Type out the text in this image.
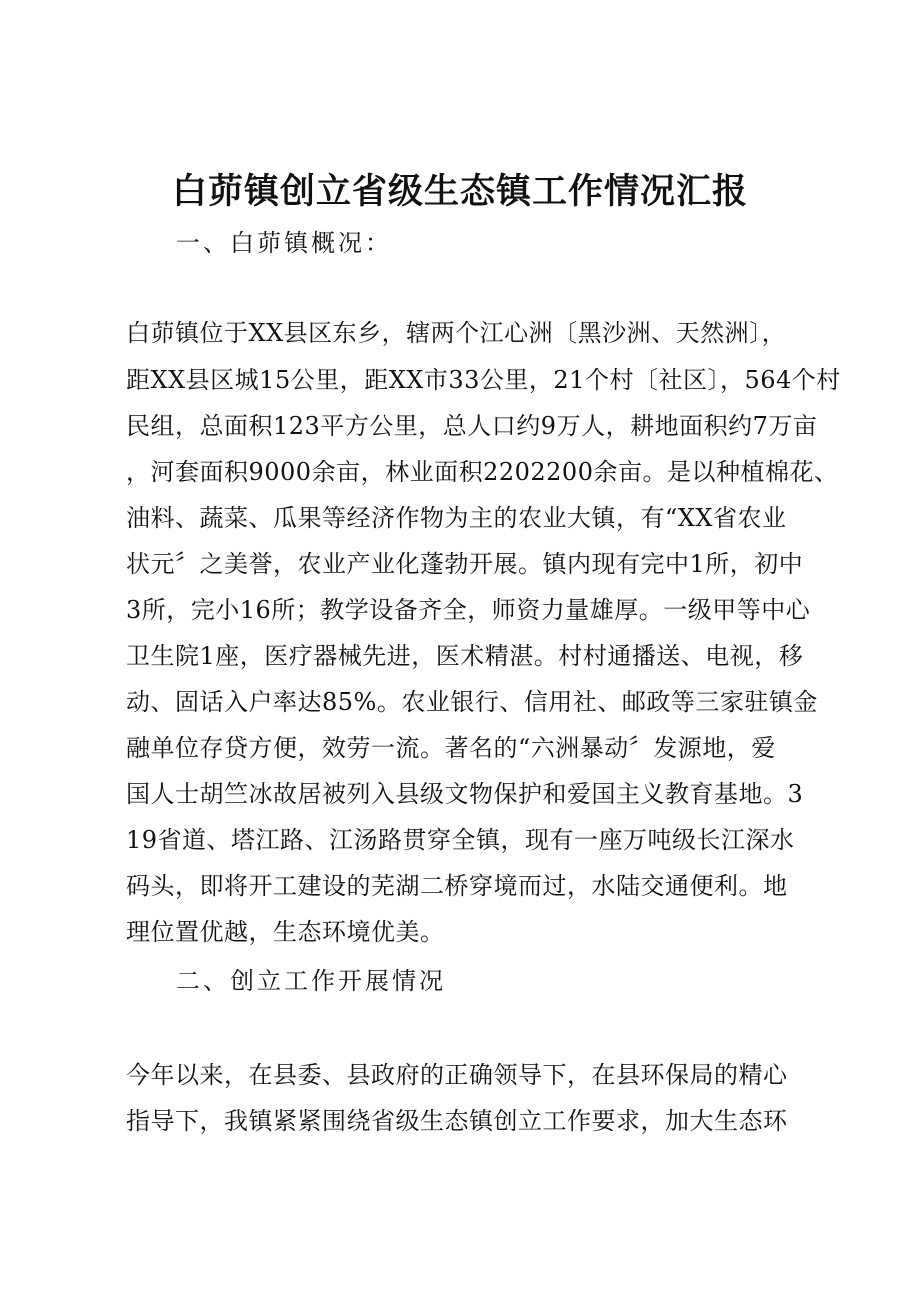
白茆镇创立省级生态镇工作情况汇报

一、白茆镇概况：

白茆镇位于XX县区东乡，辖两个江心洲〔黑沙洲、天然洲〕，

距XX县区城15公里，距XX市33公里，21个村〔社区〕，564个村

民组，总面积123平方公里，总人口约9万人，耕地面积约7万亩

，河套面积9000余亩，林业面积2202200余亩。是以种植棉花、

油料、蔬菜、瓜果等经济作物为主的农业大镇，有“XX省农业

状元〞之美誉，农业产业化蓬勃开展。镇内现有完中1所，初中

3所，完小16所；教学设备齐全，师资力量雄厚。一级甲等中心

卫生院1座，医疗器械先进，医术精湛。村村通播送、电视，移

动、固话入户率达85%。农业银行、信用社、邮政等三家驻镇金

融单位存贷方便，效劳一流。著名的“六洲暴动〞发源地，爱

国人士胡竺冰故居被列入县级文物保护和爱国主义教育基地。3

19省道、塔江路、江汤路贯穿全镇，现有一座万吨级长江深水

码头，即将开工建设的芜湖二桥穿境而过，水陆交通便利。地

理位置优越，生态环境优美。

二、创立工作开展情况

今年以来，在县委、县政府的正确领导下，在县环保局的精心

指导下，我镇紧紧围绕省级生态镇创立工作要求，加大生态环
